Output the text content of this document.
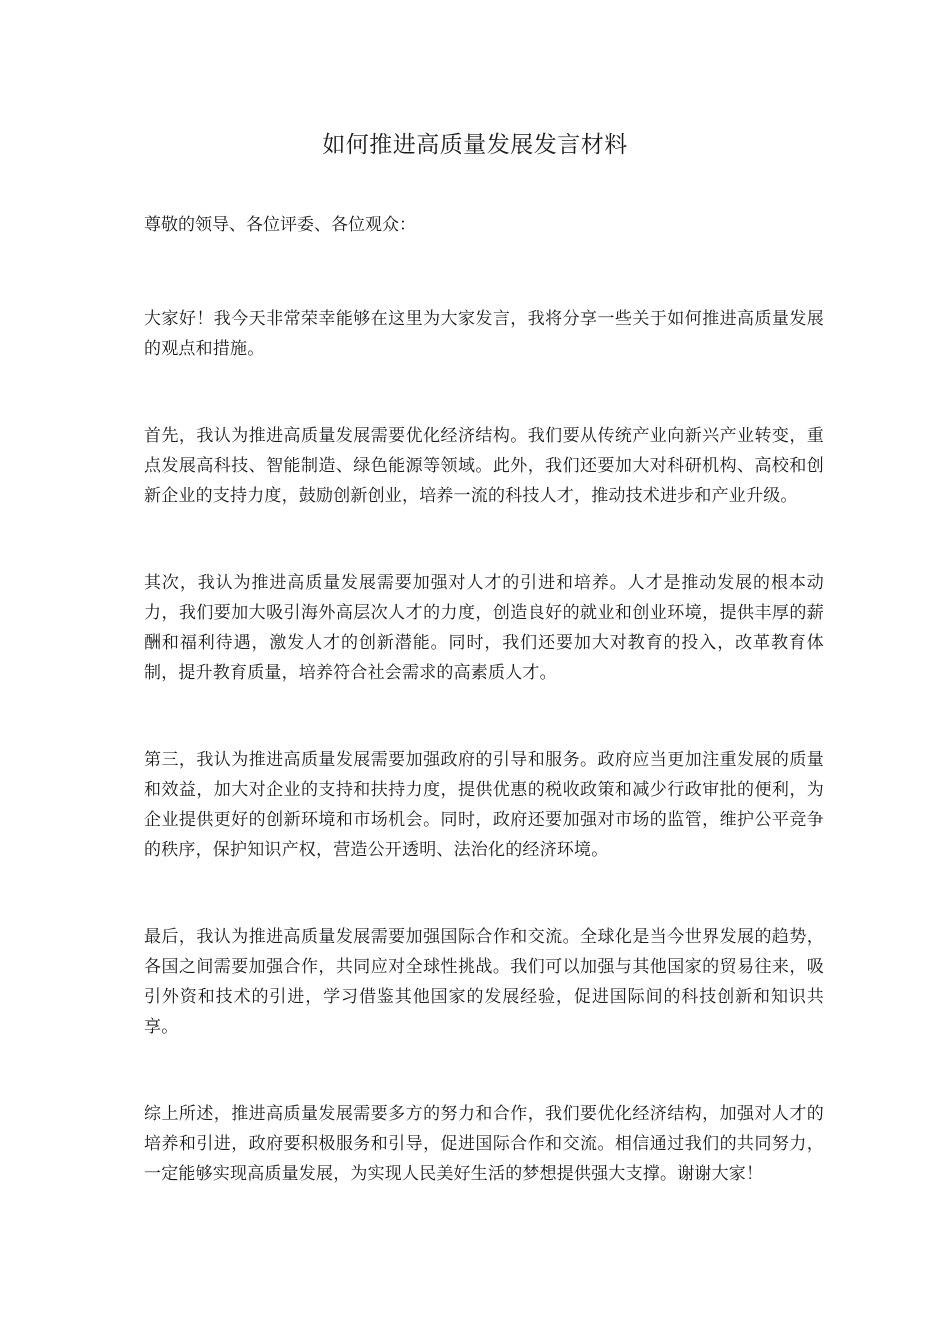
如何推进高质量发展发言材料

尊敬的领导、各位评委、各位观众：

大家好！我今天非常荣幸能够在这里为大家发言，我将分享一些关于如何推进高质量发展的观点和措施。

首先，我认为推进高质量发展需要优化经济结构。我们要从传统产业向新兴产业转变，重点发展高科技、智能制造、绿色能源等领域。此外，我们还要加大对科研机构、高校和创新企业的支持力度，鼓励创新创业，培养一流的科技人才，推动技术进步和产业升级。

其次，我认为推进高质量发展需要加强对人才的引进和培养。人才是推动发展的根本动力，我们要加大吸引海外高层次人才的力度，创造良好的就业和创业环境，提供丰厚的薪酬和福利待遇，激发人才的创新潜能。同时，我们还要加大对教育的投入，改革教育体制，提升教育质量，培养符合社会需求的高素质人才。

第三，我认为推进高质量发展需要加强政府的引导和服务。政府应当更加注重发展的质量和效益，加大对企业的支持和扶持力度，提供优惠的税收政策和减少行政审批的便利，为企业提供更好的创新环境和市场机会。同时，政府还要加强对市场的监管，维护公平竞争的秩序，保护知识产权，营造公开透明、法治化的经济环境。

最后，我认为推进高质量发展需要加强国际合作和交流。全球化是当今世界发展的趋势，各国之间需要加强合作，共同应对全球性挑战。我们可以加强与其他国家的贸易往来，吸引外资和技术的引进，学习借鉴其他国家的发展经验，促进国际间的科技创新和知识共享。

综上所述，推进高质量发展需要多方的努力和合作，我们要优化经济结构，加强对人才的培养和引进，政府要积极服务和引导，促进国际合作和交流。相信通过我们的共同努力，一定能够实现高质量发展，为实现人民美好生活的梦想提供强大支撑。谢谢大家！
